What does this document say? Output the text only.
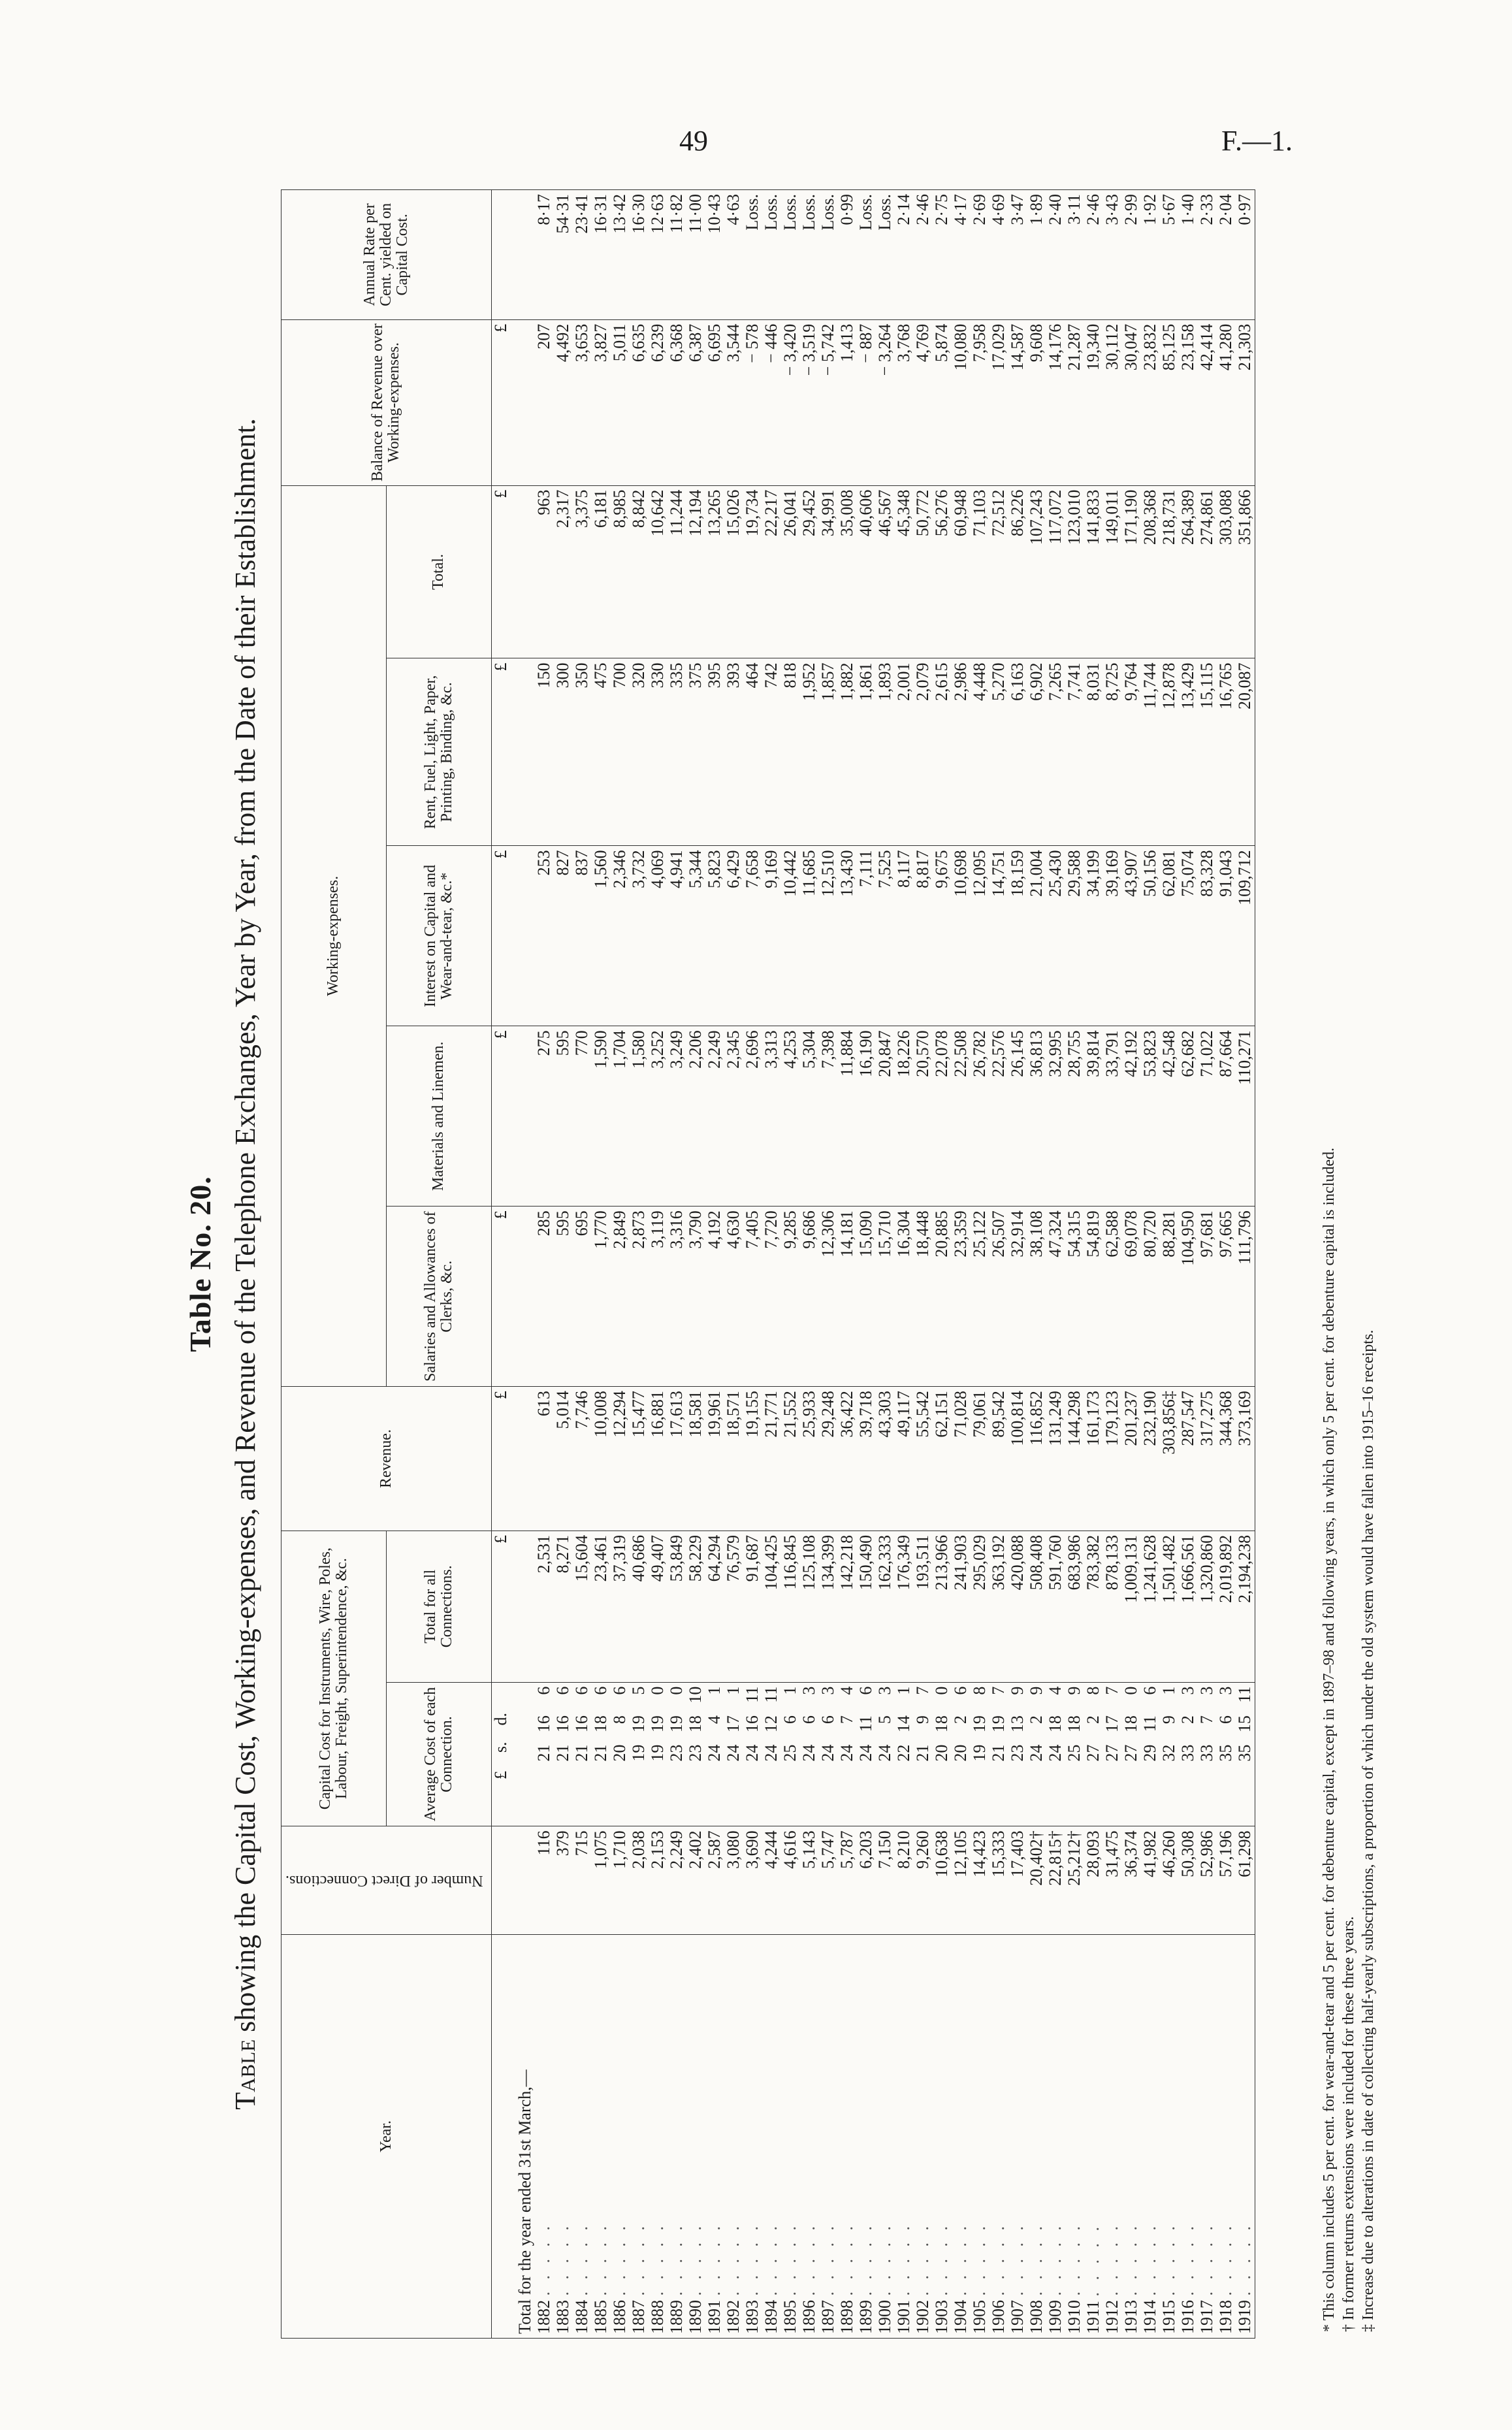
49	F.—1.
Table No. 20.
Table showing the Capital Cost, Working-expenses, and Revenue of the Telephone Exchanges, Year by Year, from the Date of their Establishment.
Year.	Number of Direct Connections.	Capital Cost for Instruments, Wire, Poles, Labour, Freight, Superintendence, &c.		Revenue.	Working-expenses.					Balance of Revenue over Working-expenses.	Annual Rate per Cent. yielded on Capital Cost.
		Average Cost of each Connection.	Total for all Connections.		Salaries and Allowances of Clerks, &c.	Materials and Linemen.	Interest on Capital and Wear-and-tear, &c.*	Rent, Fuel, Light, Paper, Printing, Binding, &c.	Total.		
		£ s. d.	£	£	£	£	£	£	£	£	
Total for the year ended 31st March,—											
1882 . . . . .	116	21 16 6	2,531	613	285	275	253	150	963	207	8·17
1883 . . . . .	379	21 16 6	8,271	5,014	595	595	827	300	2,317	4,492	54·31
1884 . . . . .	715	21 16 6	15,604	7,746	695	770	837	350	3,375	3,653	23·41
1885 . . . . .	1,075	21 18 6	23,461	10,008	1,770	1,590	1,560	475	6,181	3,827	16·31
1886 . . . . .	1,710	20 8 6	37,319	12,294	2,849	1,704	2,346	700	8,985	5,011	13·42
1887 . . . . .	2,038	19 19 5	40,686	15,477	2,873	1,580	3,732	320	8,842	6,635	16·30
1888 . . . . .	2,153	19 19 0	49,407	16,881	3,119	3,252	4,069	330	10,642	6,239	12·63
1889 . . . . .	2,249	23 19 0	53,849	17,613	3,316	3,249	4,941	335	11,244	6,368	11·82
1890 . . . . .	2,402	23 18 10	58,229	18,581	3,790	2,206	5,344	375	12,194	6,387	11·00
1891 . . . . .	2,587	24 4 1	64,294	19,961	4,192	2,249	5,823	395	13,265	6,695	10·43
1892 . . . . .	3,080	24 17 1	76,579	18,571	4,630	2,345	6,429	393	15,026	3,544	4·63
1893 . . . . .	3,690	24 16 11	91,687	19,155	7,405	2,696	7,658	464	19,734	− 578	Loss.
1894 . . . . .	4,244	24 12 11	104,425	21,771	7,720	3,313	9,169	742	22,217	− 446	Loss.
1895 . . . . .	4,616	25 6 1	116,845	21,552	9,285	4,253	10,442	818	26,041	− 3,420	Loss.
1896 . . . . .	5,143	24 6 3	125,108	25,933	9,686	5,304	11,685	1,952	29,452	− 3,519	Loss.
1897 . . . . .	5,747	24 6 3	134,399	29,248	12,306	7,398	12,510	1,857	34,991	− 5,742	Loss.
1898 . . . . .	5,787	24 7 4	142,218	36,422	14,181	11,884	13,430	1,882	35,008	1,413	0·99
1899 . . . . .	6,203	24 11 6	150,490	39,718	15,090	16,190	7,111	1,861	40,606	− 887	Loss.
1900 . . . . .	7,150	24 5 3	162,333	43,303	15,710	20,847	7,525	1,893	46,567	− 3,264	Loss.
1901 . . . . .	8,210	22 14 1	176,349	49,117	16,304	18,226	8,117	2,001	45,348	3,768	2·14
1902 . . . . .	9,260	21 9 7	193,511	55,542	18,448	20,570	8,817	2,079	50,772	4,769	2·46
1903 . . . . .	10,638	20 18 0	213,966	62,151	20,885	22,078	9,675	2,615	56,276	5,874	2·75
1904 . . . . .	12,105	20 2 6	241,903	71,028	23,359	22,508	10,698	2,986	60,948	10,080	4·17
1905 . . . . .	14,423	19 19 8	295,029	79,061	25,122	26,782	12,095	4,448	71,103	7,958	2·69
1906 . . . . .	15,333	21 19 7	363,192	89,542	26,507	22,576	14,751	5,270	72,512	17,029	4·69
1907 . . . . .	17,403	23 13 9	420,088	100,814	32,914	26,145	18,159	6,163	86,226	14,587	3·47
1908 . . . . .	20,402†	24 2 9	508,408	116,852	38,108	36,813	21,004	6,902	107,243	9,608	1·89
1909 . . . . .	22,815†	24 18 4	591,760	131,249	47,324	32,995	25,430	7,265	117,072	14,176	2·40
1910 . . . . .	25,212†	25 18 9	683,986	144,298	54,315	28,755	29,588	7,741	123,010	21,287	3·11
1911 . . . . .	28,093	27 2 8	783,382	161,173	54,819	39,814	34,199	8,031	141,833	19,340	2·46
1912 . . . . .	31,475	27 17 7	878,133	179,123	62,588	33,791	39,169	8,725	149,011	30,112	3·43
1913 . . . . .	36,374	27 18 0	1,009,131	201,237	69,078	42,192	43,907	9,764	171,190	30,047	2·99
1914 . . . . .	41,982	29 11 6	1,241,628	232,190	80,720	53,823	50,156	11,744	208,368	23,832	1·92
1915 . . . . .	46,260	32 9 1	1,501,482	303,856‡	88,281	42,548	62,081	12,878	218,731	85,125	5·67
1916 . . . . .	50,308	33 2 3	1,666,561	287,547	104,950	62,682	75,074	13,429	264,389	23,158	1·40
1917 . . . . .	52,986	33 7 3	1,320,860	317,275	97,681	71,022	83,328	15,115	274,861	42,414	2·33
1918 . . . . .	57,196	35 6 3	2,019,892	344,368	97,665	87,664	91,043	16,765	303,088	41,280	2·04
1919 . . . . .	61,298	35 15 11	2,194,238	373,169	111,796	110,271	109,712	20,087	351,866	21,303	0·97
* This column includes 5 per cent. for wear-and-tear and 5 per cent. for debenture capital, except in 1897–98 and following years, in which only 5 per cent. for debenture capital is included. † In former returns extensions were included for these three years. ‡ Increase due to alterations in date of collecting half-yearly subscriptions, a proportion of which under the old system would have fallen into 1915–16 receipts.
